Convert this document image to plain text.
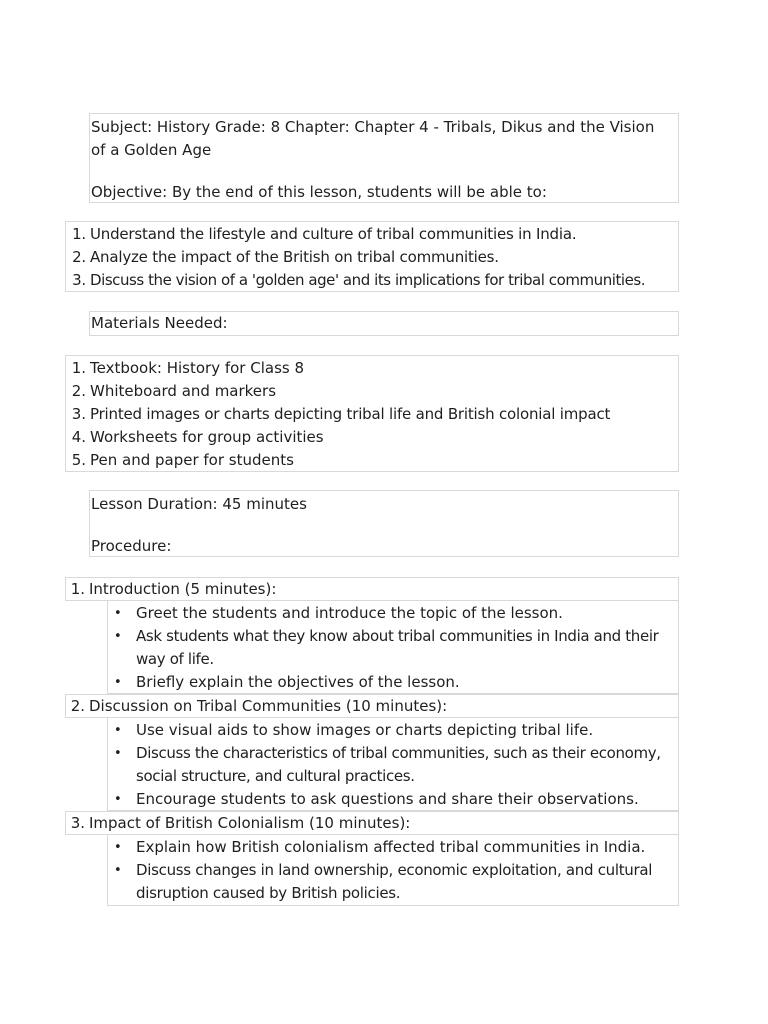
Subject: History Grade: 8 Chapter: Chapter 4 - Tribals, Dikus and the Vision of a Golden Age

Objective: By the end of this lesson, students will be able to:

1. Understand the lifestyle and culture of tribal communities in India.
2. Analyze the impact of the British on tribal communities.
3. Discuss the vision of a 'golden age' and its implications for tribal communities.

Materials Needed:

1. Textbook: History for Class 8
2. Whiteboard and markers
3. Printed images or charts depicting tribal life and British colonial impact
4. Worksheets for group activities
5. Pen and paper for students

Lesson Duration: 45 minutes

Procedure:

1. Introduction (5 minutes):
• Greet the students and introduce the topic of the lesson.
• Ask students what they know about tribal communities in India and their way of life.
• Briefly explain the objectives of the lesson.
2. Discussion on Tribal Communities (10 minutes):
• Use visual aids to show images or charts depicting tribal life.
• Discuss the characteristics of tribal communities, such as their economy, social structure, and cultural practices.
• Encourage students to ask questions and share their observations.
3. Impact of British Colonialism (10 minutes):
• Explain how British colonialism affected tribal communities in India.
• Discuss changes in land ownership, economic exploitation, and cultural disruption caused by British policies.
